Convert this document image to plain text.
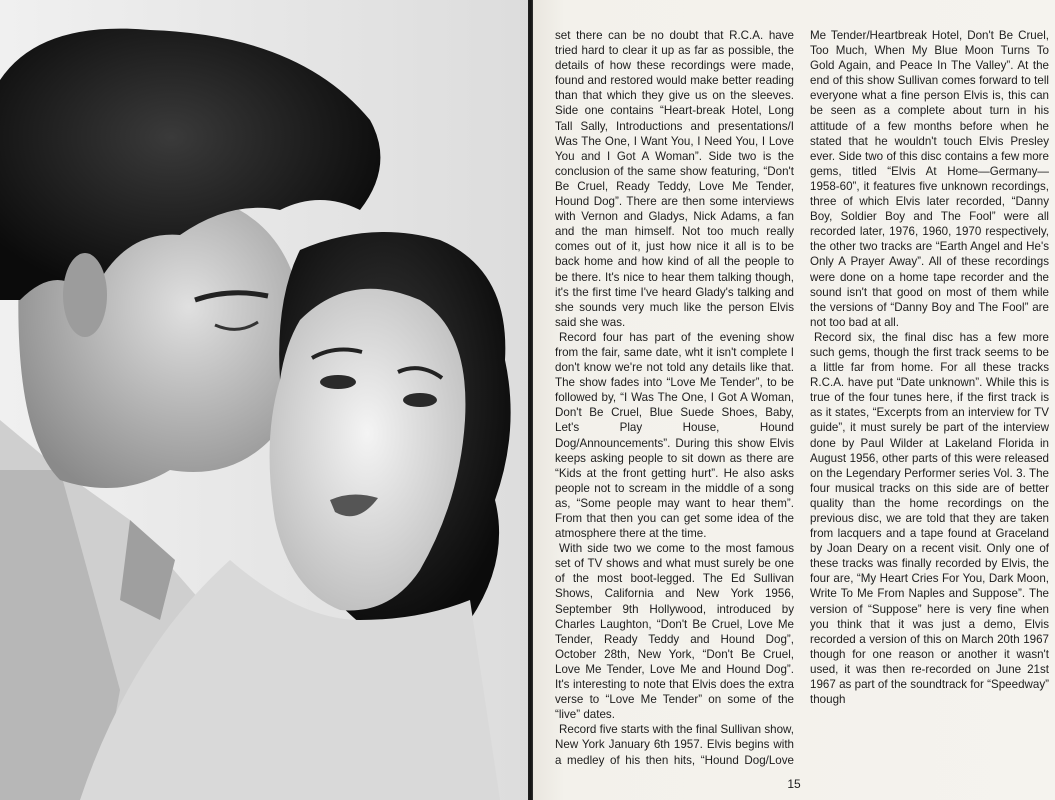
set there can be no doubt that R.C.A. have tried hard to clear it up as far as possible, the details of how these recordings were made, found and restored would make better reading than that which they give us on the sleeves. Side one contains “Heart-break Hotel, Long Tall Sally, Introductions and presentations/I Was The One, I Want You, I Need You, I Love You and I Got A Woman”. Side two is the conclusion of the same show featuring, “Don't Be Cruel, Ready Teddy, Love Me Tender, Hound Dog”. There are then some interviews with Vernon and Gladys, Nick Adams, a fan and the man himself. Not too much really comes out of it, just how nice it all is to be back home and how kind of all the people to be there. It's nice to hear them talking though, it's the first time I've heard Glady's talking and she sounds very much like the person Elvis said she was.

Record four has part of the evening show from the fair, same date, wht it isn't complete I don't know we're not told any details like that. The show fades into “Love Me Tender”, to be followed by, “I Was The One, I Got A Woman, Don't Be Cruel, Blue Suede Shoes, Baby, Let's Play House, Hound Dog/Announcements”. During this show Elvis keeps asking people to sit down as there are “Kids at the front getting hurt”. He also asks people not to scream in the middle of a song as, “Some people may want to hear them”. From that then you can get some idea of the atmosphere there at the time.

With side two we come to the most famous set of TV shows and what must surely be one of the most boot-legged. The Ed Sullivan Shows, California and New York 1956, September 9th Hollywood, introduced by Charles Laughton, “Don't Be Cruel, Love Me Tender, Ready Teddy and Hound Dog”, October 28th, New York, “Don't Be Cruel, Love Me Tender, Love Me and Hound Dog”. It's interesting to note that Elvis does the extra verse to “Love Me Tender” on some of the “live” dates.

Record five starts with the final Sullivan show, New York January 6th 1957. Elvis begins with a medley of his then hits, “Hound Dog/Love Me Tender/Heartbreak Hotel, Don't Be Cruel, Too Much, When My Blue Moon Turns To Gold Again, and Peace In The Valley”. At the end of this show Sullivan comes forward to tell everyone what a fine person Elvis is, this can be seen as a complete about turn in his attitude of a few months before when he stated that he wouldn't touch Elvis Presley ever. Side two of this disc contains a few more gems, titled “Elvis At Home—Germany—1958-60”, it features five unknown recordings, three of which Elvis later recorded, “Danny Boy, Soldier Boy and The Fool” were all recorded later, 1976, 1960, 1970 respectively, the other two tracks are “Earth Angel and He's Only A Prayer Away”. All of these recordings were done on a home tape recorder and the sound isn't that good on most of them while the versions of “Danny Boy and The Fool” are not too bad at all.

Record six, the final disc has a few more such gems, though the first track seems to be a little far from home. For all these tracks R.C.A. have put “Date unknown”. While this is true of the four tunes here, if the first track is as it states, “Excerpts from an interview for TV guide”, it must surely be part of the interview done by Paul Wilder at Lakeland Florida in August 1956, other parts of this were released on the Legendary Performer series Vol. 3. The four musical tracks on this side are of better quality than the home recordings on the previous disc, we are told that they are taken from lacquers and a tape found at Graceland by Joan Deary on a recent visit. Only one of these tracks was finally recorded by Elvis, the four are, “My Heart Cries For You, Dark Moon, Write To Me From Naples and Suppose”. The version of “Suppose” here is very fine when you think that it was just a demo, Elvis recorded a version of this on March 20th 1967 though for one reason or another it wasn't used, it was then re-recorded on June 21st 1967 as part of the soundtrack for “Speedway” though

15
